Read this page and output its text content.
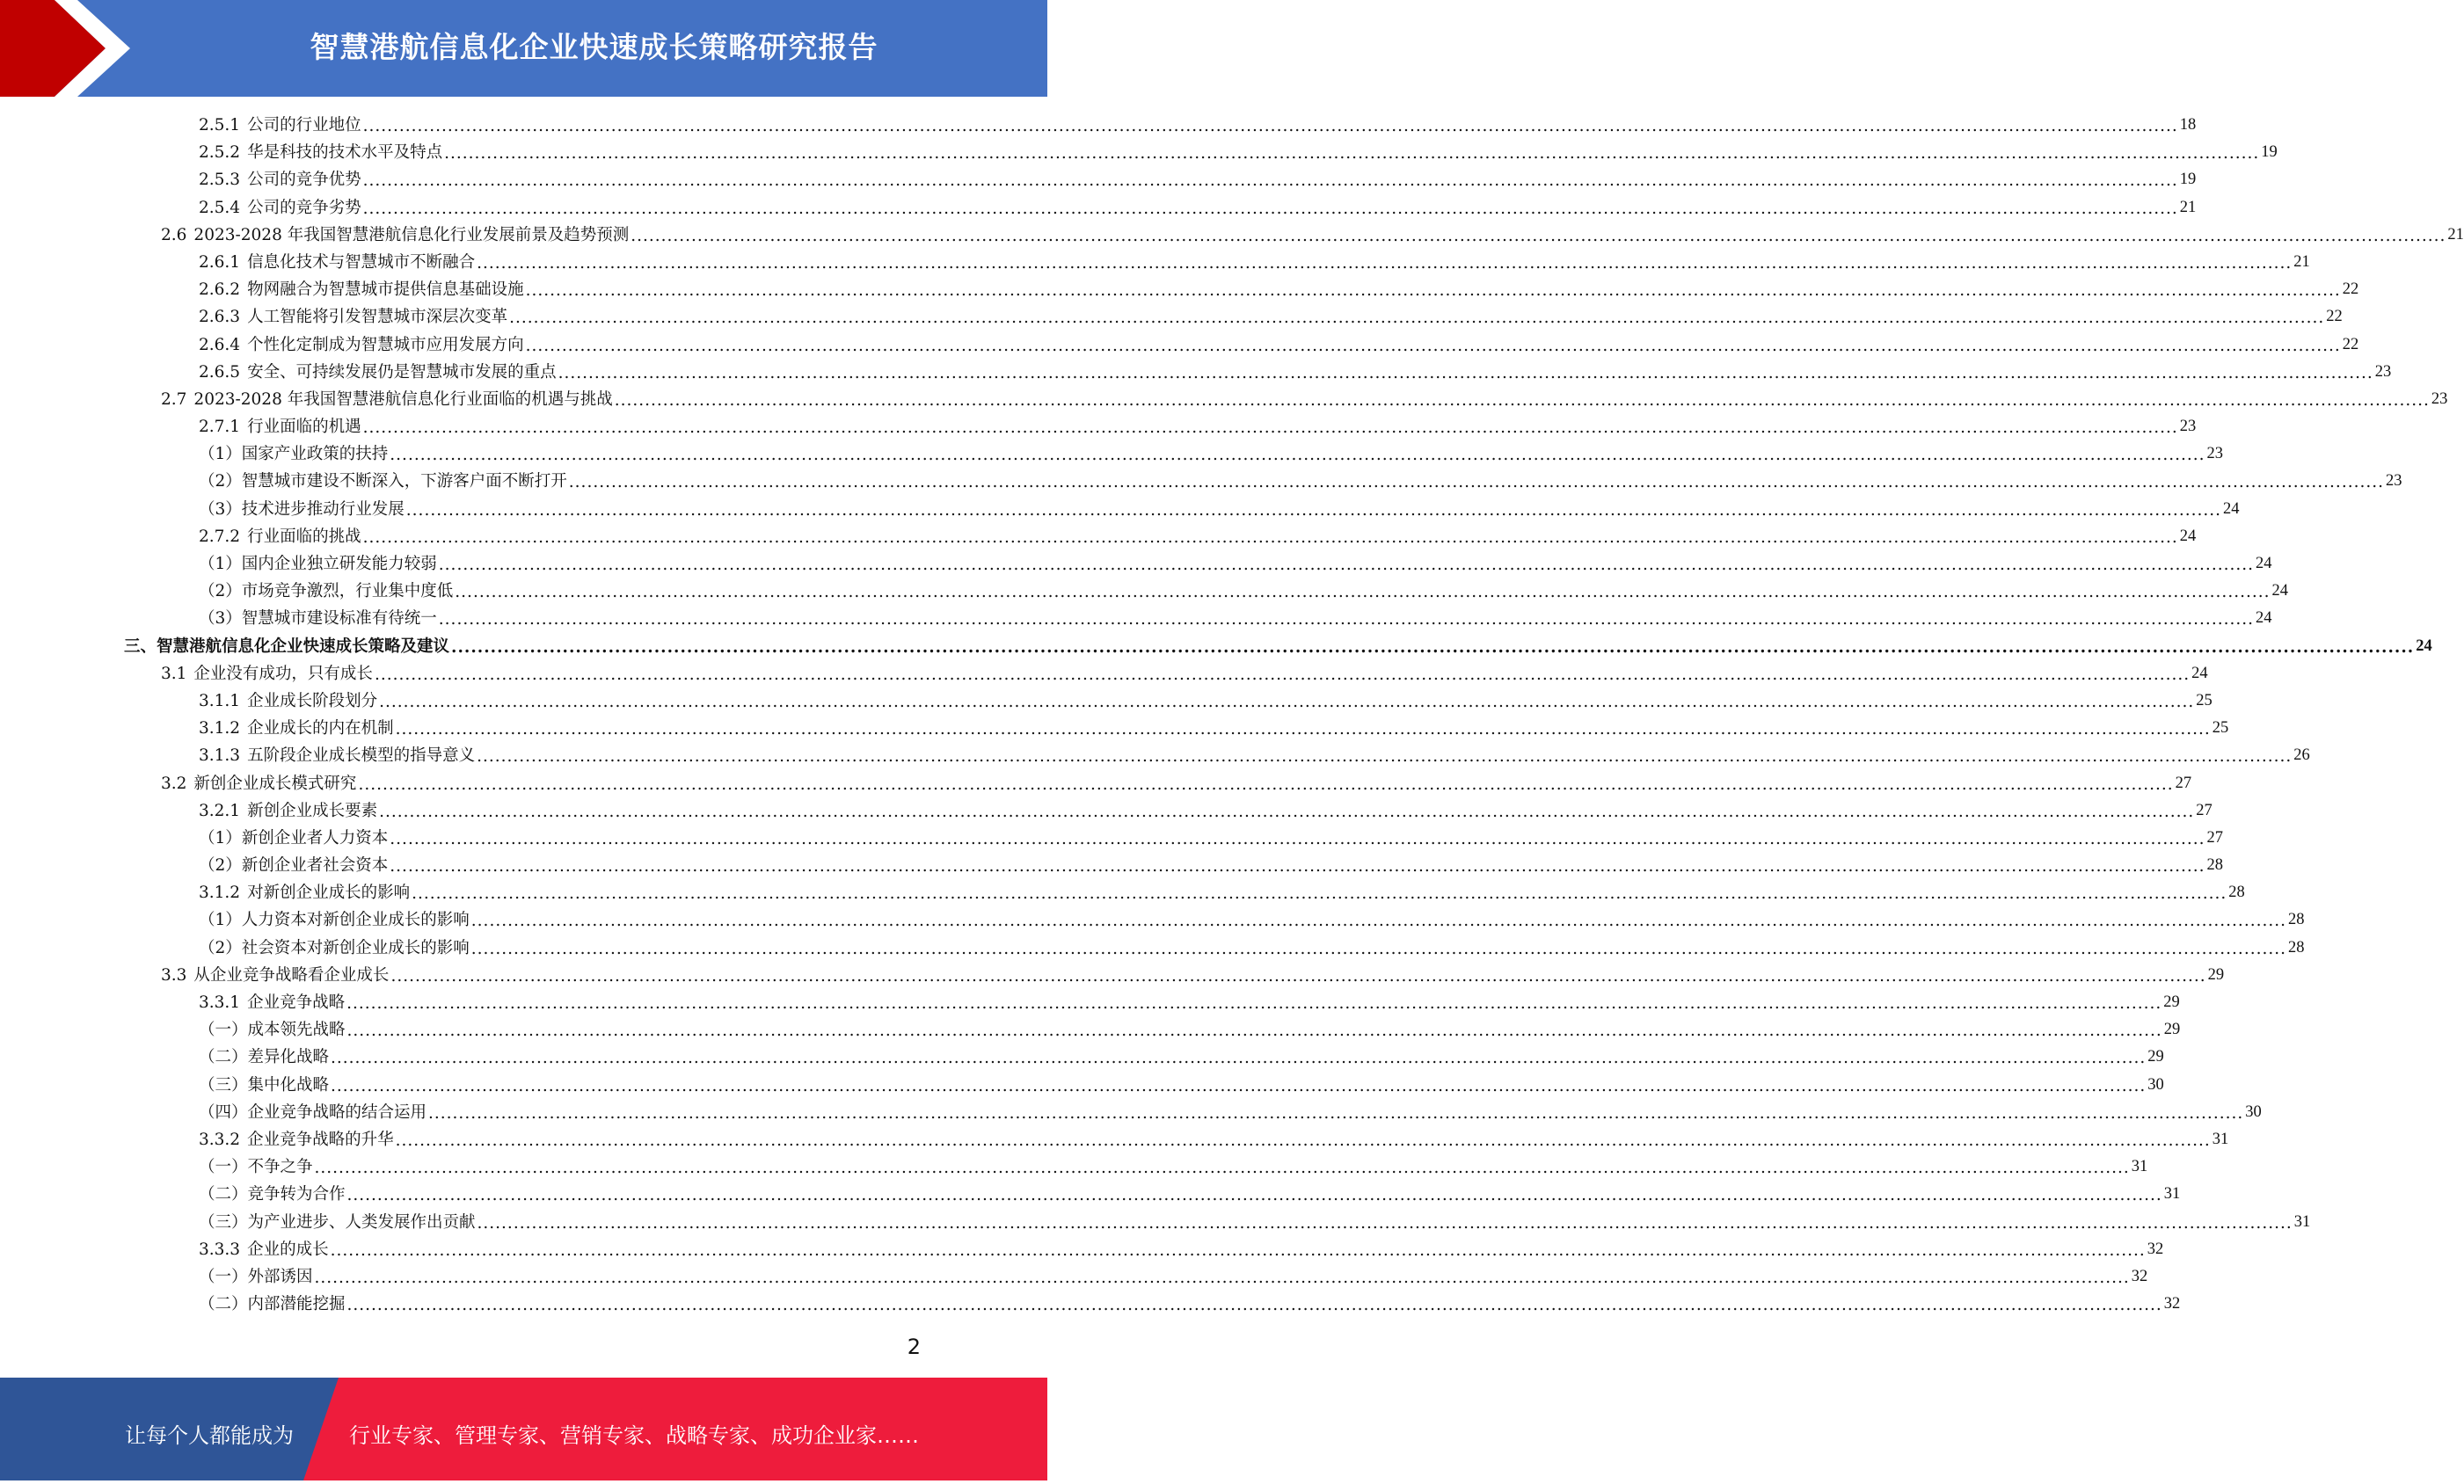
智慧港航信息化企业快速成长策略研究报告
2.5.1 公司的行业地位 ............................................................................................................................................................................................................................................................................................................ 18
2.5.2 华是科技的技术水平及特点 ............................................................................................................................................................................................................................................................................................................ 19
2.5.3 公司的竞争优势 ............................................................................................................................................................................................................................................................................................................ 19
2.5.4 公司的竞争劣势 ............................................................................................................................................................................................................................................................................................................ 21
2.6 2023-2028 年我国智慧港航信息化行业发展前景及趋势预测 ............................................................................................................................................................................................................................................................................................................ 21
2.6.1 信息化技术与智慧城市不断融合 ............................................................................................................................................................................................................................................................................................................ 21
2.6.2 物网融合为智慧城市提供信息基础设施 ............................................................................................................................................................................................................................................................................................................ 22
2.6.3 人工智能将引发智慧城市深层次变革 ............................................................................................................................................................................................................................................................................................................ 22
2.6.4 个性化定制成为智慧城市应用发展方向 ............................................................................................................................................................................................................................................................................................................ 22
2.6.5 安全、可持续发展仍是智慧城市发展的重点 ............................................................................................................................................................................................................................................................................................................ 23
2.7 2023-2028 年我国智慧港航信息化行业面临的机遇与挑战 ............................................................................................................................................................................................................................................................................................................ 23
2.7.1 行业面临的机遇 ............................................................................................................................................................................................................................................................................................................ 23
（1） 国家产业政策的扶持 ............................................................................................................................................................................................................................................................................................................ 23
（2） 智慧城市建设不断深入，下游客户面不断打开 ............................................................................................................................................................................................................................................................................................................ 23
（3） 技术进步推动行业发展 ............................................................................................................................................................................................................................................................................................................ 24
2.7.2 行业面临的挑战 ............................................................................................................................................................................................................................................................................................................ 24
（1） 国内企业独立研发能力较弱 ............................................................................................................................................................................................................................................................................................................ 24
（2） 市场竞争激烈，行业集中度低 ............................................................................................................................................................................................................................................................................................................ 24
（3） 智慧城市建设标准有待统一 ............................................................................................................................................................................................................................................................................................................ 24
三、 智慧港航信息化企业快速成长策略及建议 ............................................................................................................................................................................................................................................................................................................ 24
3.1 企业没有成功，只有成长 ............................................................................................................................................................................................................................................................................................................ 24
3.1.1 企业成长阶段划分 ............................................................................................................................................................................................................................................................................................................ 25
3.1.2 企业成长的内在机制 ............................................................................................................................................................................................................................................................................................................ 25
3.1.3 五阶段企业成长模型的指导意义 ............................................................................................................................................................................................................................................................................................................ 26
3.2 新创企业成长模式研究 ............................................................................................................................................................................................................................................................................................................ 27
3.2.1 新创企业成长要素 ............................................................................................................................................................................................................................................................................................................ 27
（1） 新创企业者人力资本 ............................................................................................................................................................................................................................................................................................................ 27
（2） 新创企业者社会资本 ............................................................................................................................................................................................................................................................................................................ 28
3.1.2 对新创企业成长的影响 ............................................................................................................................................................................................................................................................................................................ 28
（1） 人力资本对新创企业成长的影响 ............................................................................................................................................................................................................................................................................................................ 28
（2） 社会资本对新创企业成长的影响 ............................................................................................................................................................................................................................................................................................................ 28
3.3 从企业竞争战略看企业成长 ............................................................................................................................................................................................................................................................................................................ 29
3.3.1 企业竞争战略 ............................................................................................................................................................................................................................................................................................................ 29
（一） 成本领先战略 ............................................................................................................................................................................................................................................................................................................ 29
（二） 差异化战略 ............................................................................................................................................................................................................................................................................................................ 29
（三） 集中化战略 ............................................................................................................................................................................................................................................................................................................ 30
（四） 企业竞争战略的结合运用 ............................................................................................................................................................................................................................................................................................................ 30
3.3.2 企业竞争战略的升华 ............................................................................................................................................................................................................................................................................................................ 31
（一） 不争之争 ............................................................................................................................................................................................................................................................................................................ 31
（二） 竞争转为合作 ............................................................................................................................................................................................................................................................................................................ 31
（三） 为产业进步、人类发展作出贡献 ............................................................................................................................................................................................................................................................................................................ 31
3.3.3 企业的成长 ............................................................................................................................................................................................................................................................................................................ 32
（一） 外部诱因 ............................................................................................................................................................................................................................................................................................................ 32
（二） 内部潜能挖掘 ............................................................................................................................................................................................................................................................................................................ 32
2
让每个人都能成为	行业专家、管理专家、营销专家、战略专家、成功企业家……
